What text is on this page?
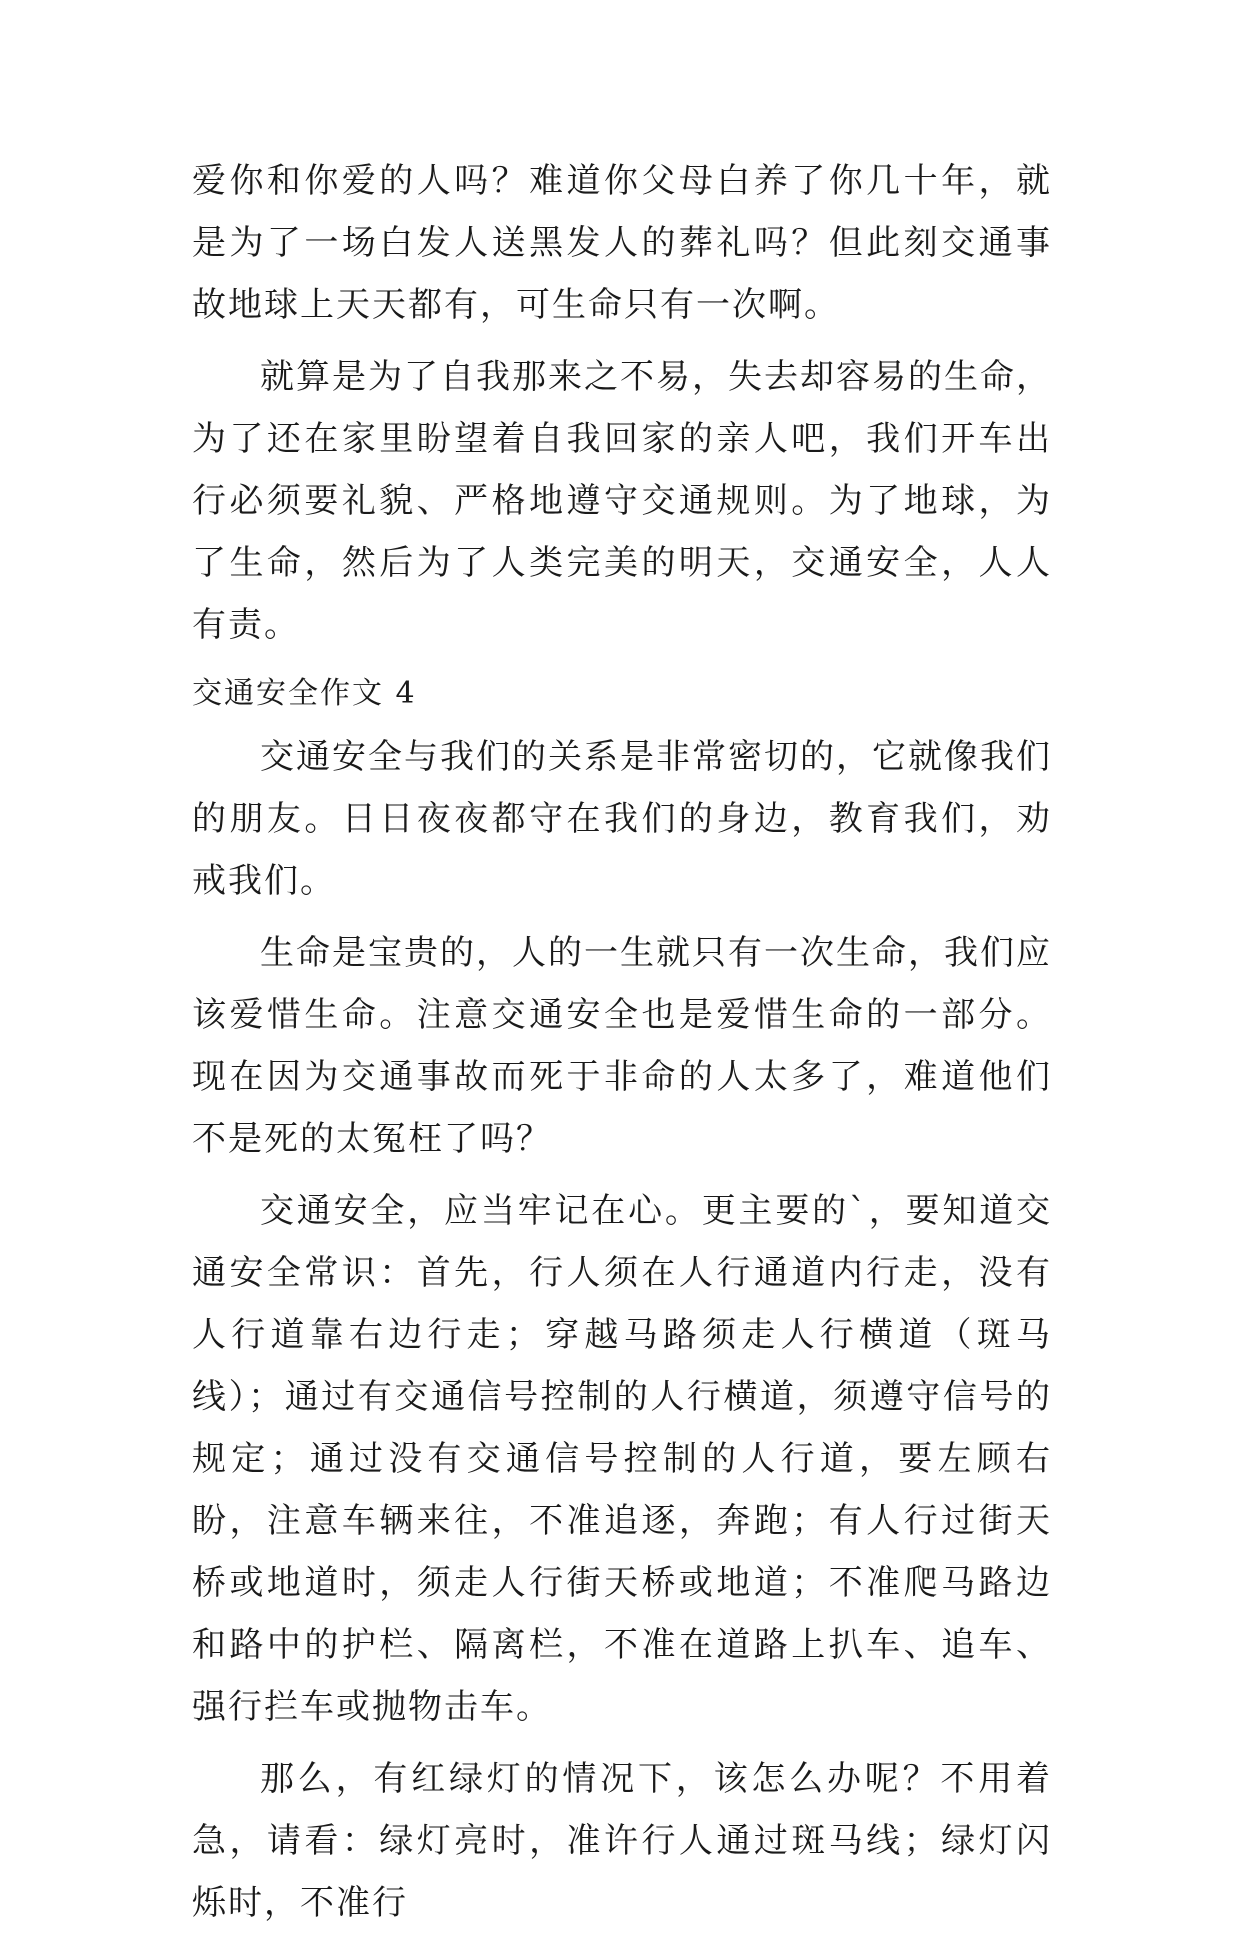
爱你和你爱的人吗？难道你父母白养了你几十年，就是为了一场白发人送黑发人的葬礼吗？但此刻交通事故地球上天天都有，可生命只有一次啊。

就算是为了自我那来之不易，失去却容易的生命，为了还在家里盼望着自我回家的亲人吧，我们开车出行必须要礼貌、严格地遵守交通规则。为了地球，为了生命，然后为了人类完美的明天，交通安全，人人有责。

交通安全作文 4

交通安全与我们的关系是非常密切的，它就像我们的朋友。日日夜夜都守在我们的身边，教育我们，劝戒我们。

生命是宝贵的，人的一生就只有一次生命，我们应该爱惜生命。注意交通安全也是爱惜生命的一部分。现在因为交通事故而死于非命的人太多了，难道他们不是死的太冤枉了吗？

交通安全，应当牢记在心。更主要的`，要知道交通安全常识：首先，行人须在人行通道内行走，没有人行道靠右边行走；穿越马路须走人行横道（斑马线）；通过有交通信号控制的人行横道，须遵守信号的规定；通过没有交通信号控制的人行道，要左顾右盼，注意车辆来往，不准追逐，奔跑；有人行过街天桥或地道时，须走人行街天桥或地道；不准爬马路边和路中的护栏、隔离栏，不准在道路上扒车、追车、强行拦车或抛物击车。

那么，有红绿灯的情况下，该怎么办呢？不用着急，请看：绿灯亮时，准许行人通过斑马线；绿灯闪烁时，不准行
